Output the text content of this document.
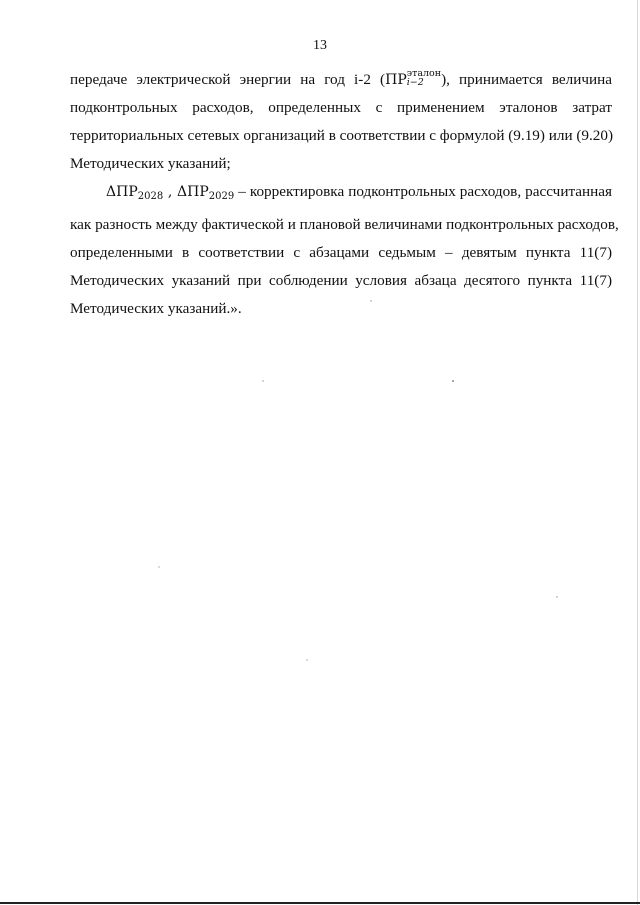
13

передаче электрической энергии на год i-2 (ПР эталон
i−2	), принимается величина
подконтрольных расходов, определенных с применением эталонов затрат
территориальных сетевых организаций в соответствии с формулой (9.19) или (9.20)
Методических указаний;

$\Delta ПР_{2028}$ , $\Delta ПР_{2029}$ – корректировка подконтрольных расходов, рассчитанная
как разность между фактической и плановой величинами подконтрольных расходов,
определенными в соответствии с абзацами седьмым – девятым пункта 11(7)
Методических указаний при соблюдении условия абзаца десятого пункта 11(7)
Методических указаний.».
